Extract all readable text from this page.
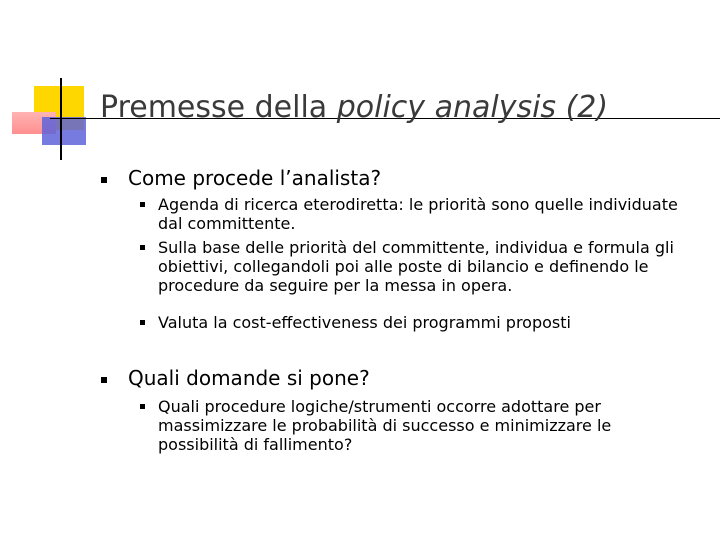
Premesse della policy analysis (2)
Come procede l’analista?
Agenda di ricerca eterodiretta: le priorità sono quelle individuate dal committente.
Sulla base delle priorità del committente, individua e formula gli obiettivi, collegandoli poi alle poste di bilancio e definendo le procedure da seguire per la messa in opera.
Valuta la cost-effectiveness dei programmi proposti
Quali domande si pone?
Quali procedure logiche/strumenti occorre adottare per massimizzare le probabilità di successo e minimizzare le possibilità di fallimento?
